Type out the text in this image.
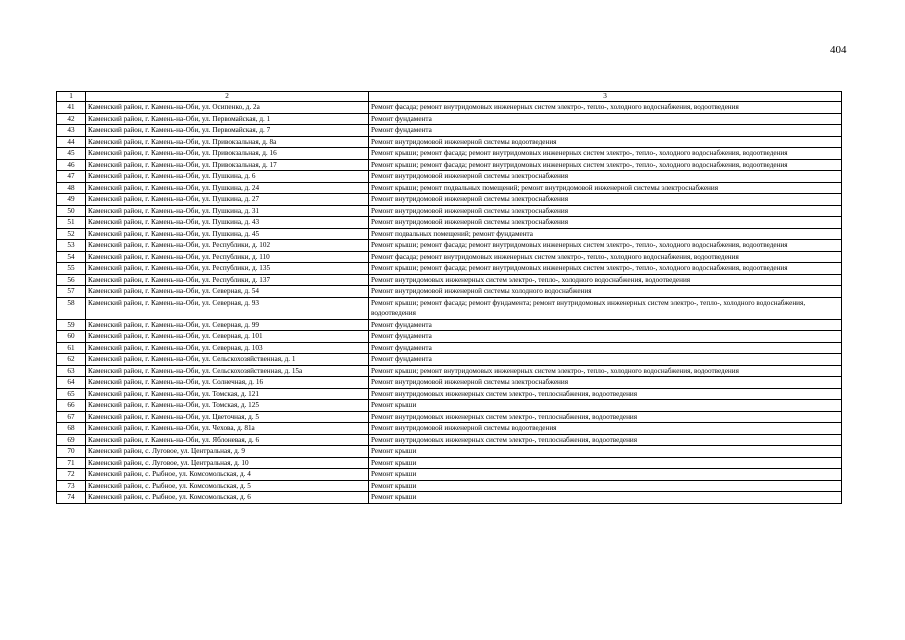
404
1	2	3
41	Каменский район, г. Камень-на-Оби, ул. Осипенко, д. 2а	Ремонт фасада; ремонт внутридомовых инженерных систем электро-, тепло-, холодного водоснабжения, водоотведения
42	Каменский район, г. Камень-на-Оби, ул. Первомайская, д. 1	Ремонт фундамента
43	Каменский район, г. Камень-на-Оби, ул. Первомайская, д. 7	Ремонт фундамента
44	Каменский район, г. Камень-на-Оби, ул. Привокзальная, д. 8а	Ремонт внутридомовой инженерной системы водоотведения
45	Каменский район, г. Камень-на-Оби, ул. Привокзальная, д. 16	Ремонт крыши; ремонт фасада; ремонт внутридомовых инженерных систем электро-, тепло-, холодного водоснабжения, водоотведения
46	Каменский район, г. Камень-на-Оби, ул. Привокзальная, д. 17	Ремонт крыши; ремонт фасада; ремонт внутридомовых инженерных систем электро-, тепло-, холодного водоснабжения, водоотведения
47	Каменский район, г. Камень-на-Оби, ул. Пушкина, д. 6	Ремонт внутридомовой инженерной системы электроснабжения
48	Каменский район, г. Камень-на-Оби, ул. Пушкина, д. 24	Ремонт крыши; ремонт подвальных помещений; ремонт внутридомовой инженерной системы электроснабжения
49	Каменский район, г. Камень-на-Оби, ул. Пушкина, д. 27	Ремонт внутридомовой инженерной системы электроснабжения
50	Каменский район, г. Камень-на-Оби, ул. Пушкина, д. 31	Ремонт внутридомовой инженерной системы электроснабжения
51	Каменский район, г. Камень-на-Оби, ул. Пушкина, д. 43	Ремонт внутридомовой инженерной системы электроснабжения
52	Каменский район, г. Камень-на-Оби, ул. Пушкина, д. 45	Ремонт подвальных помещений; ремонт фундамента
53	Каменский район, г. Камень-на-Оби, ул. Республики, д. 102	Ремонт крыши; ремонт фасада; ремонт внутридомовых инженерных систем электро-, тепло-, холодного водоснабжения, водоотведения
54	Каменский район, г. Камень-на-Оби, ул. Республики, д. 110	Ремонт фасада; ремонт внутридомовых инженерных систем электро-, тепло-, холодного водоснабжения, водоотведения
55	Каменский район, г. Камень-на-Оби, ул. Республики, д. 135	Ремонт крыши; ремонт фасада; ремонт внутридомовых инженерных систем электро-, тепло-, холодного водоснабжения, водоотведения
56	Каменский район, г. Камень-на-Оби, ул. Республики, д. 137	Ремонт внутридомовых инженерных систем электро-, тепло-, холодного водоснабжения, водоотведения
57	Каменский район, г. Камень-на-Оби, ул. Северная, д. 54	Ремонт внутридомовой инженерной системы холодного водоснабжения
58	Каменский район, г. Камень-на-Оби, ул. Северная, д. 93	Ремонт крыши; ремонт фасада; ремонт фундамента; ремонт внутридомовых инженерных систем электро-, тепло-, холодного водоснабжения, водоотведения
59	Каменский район, г. Камень-на-Оби, ул. Северная, д. 99	Ремонт фундамента
60	Каменский район, г. Камень-на-Оби, ул. Северная, д. 101	Ремонт фундамента
61	Каменский район, г. Камень-на-Оби, ул. Северная, д. 103	Ремонт фундамента
62	Каменский район, г. Камень-на-Оби, ул. Сельскохозяйственная, д. 1	Ремонт фундамента
63	Каменский район, г. Камень-на-Оби, ул. Сельскохозяйственная, д. 15а	Ремонт крыши; ремонт внутридомовых инженерных систем электро-, тепло-, холодного водоснабжения, водоотведения
64	Каменский район, г. Камень-на-Оби, ул. Солнечная, д. 16	Ремонт внутридомовой инженерной системы электроснабжения
65	Каменский район, г. Камень-на-Оби, ул. Томская, д. 121	Ремонт внутридомовых инженерных систем электро-, теплоснабжения, водоотведения
66	Каменский район, г. Камень-на-Оби, ул. Томская, д. 125	Ремонт крыши
67	Каменский район, г. Камень-на-Оби, ул. Цветочная, д. 5	Ремонт внутридомовых инженерных систем электро-, теплоснабжения, водоотведения
68	Каменский район, г. Камень-на-Оби, ул. Чехова, д. 81а	Ремонт внутридомовой инженерной системы водоотведения
69	Каменский район, г. Камень-на-Оби, ул. Яблоневая, д. 6	Ремонт внутридомовых инженерных систем электро-, теплоснабжения, водоотведения
70	Каменский район, с. Луговое, ул. Центральная, д. 9	Ремонт крыши
71	Каменский район, с. Луговое, ул. Центральная, д. 10	Ремонт крыши
72	Каменский район, с. Рыбное, ул. Комсомольская, д. 4	Ремонт крыши
73	Каменский район, с. Рыбное, ул. Комсомольская, д. 5	Ремонт крыши
74	Каменский район, с. Рыбное, ул. Комсомольская, д. 6	Ремонт крыши
